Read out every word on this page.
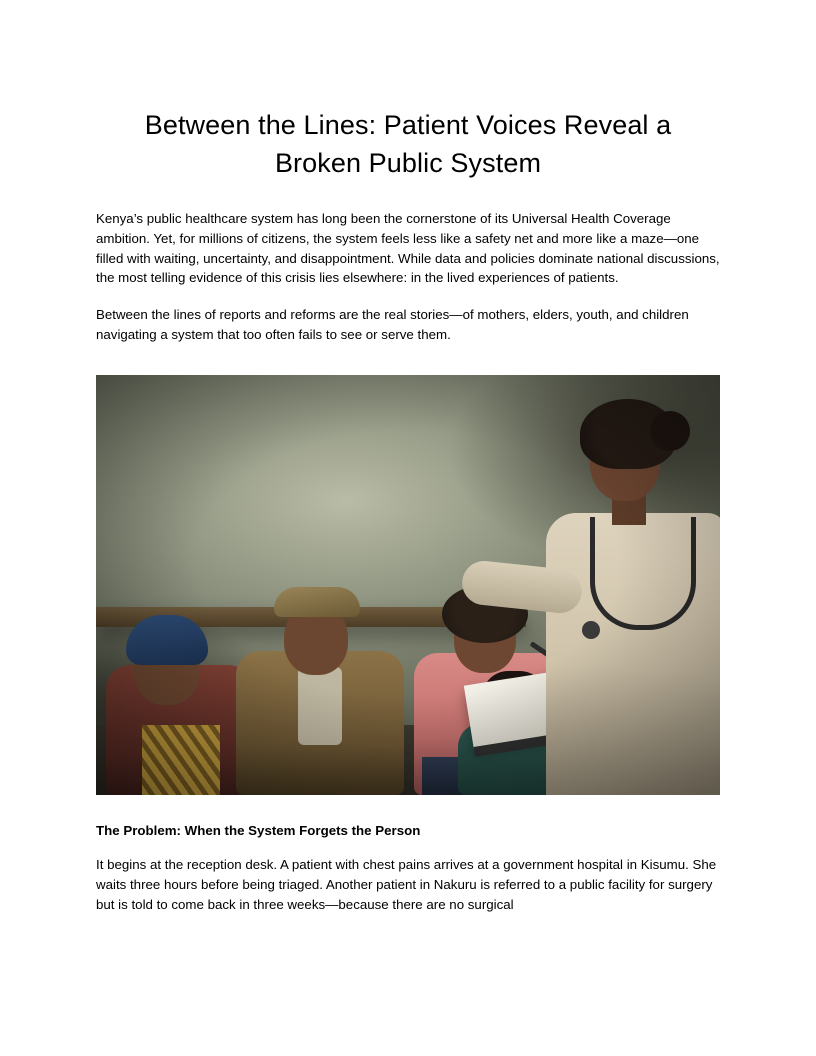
Between the Lines: Patient Voices Reveal a Broken Public System

Kenya’s public healthcare system has long been the cornerstone of its Universal Health Coverage ambition. Yet, for millions of citizens, the system feels less like a safety net and more like a maze—one filled with waiting, uncertainty, and disappointment. While data and policies dominate national discussions, the most telling evidence of this crisis lies elsewhere: in the lived experiences of patients.

Between the lines of reports and reforms are the real stories—of mothers, elders, youth, and children navigating a system that too often fails to see or serve them.

The Problem: When the System Forgets the Person

It begins at the reception desk. A patient with chest pains arrives at a government hospital in Kisumu. She waits three hours before being triaged. Another patient in Nakuru is referred to a public facility for surgery but is told to come back in three weeks—because there are no surgical
